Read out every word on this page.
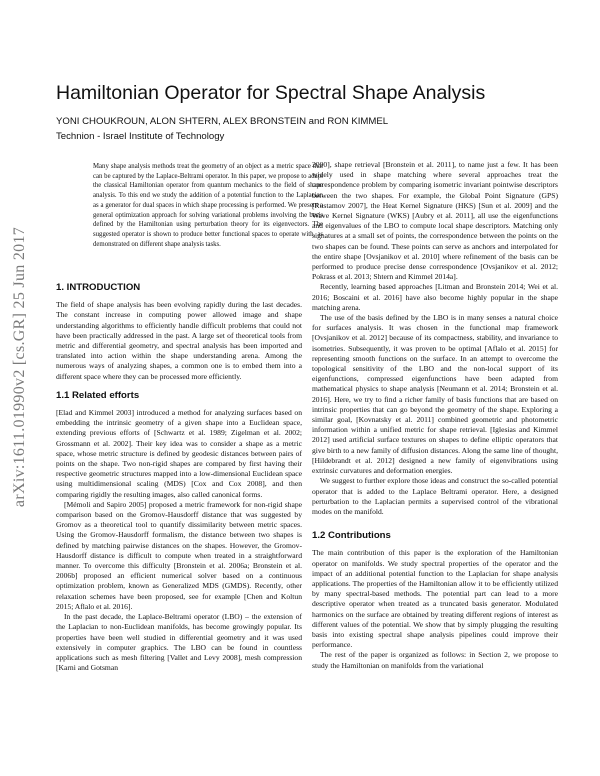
arXiv:1611.01990v2 [cs.GR] 25 Jun 2017
Hamiltonian Operator for Spectral Shape Analysis
YONI CHOUKROUN, ALON SHTERN, ALEX BRONSTEIN and RON KIMMEL
Technion - Israel Institute of Technology

Many shape analysis methods treat the geometry of an object as a metric space that can be captured by the Laplace-Beltrami operator. In this paper, we propose to adapt the classical Hamiltonian operator from quantum mechanics to the field of shape analysis. To this end we study the addition of a potential function to the Laplacian as a generator for dual spaces in which shape processing is performed. We present a general optimization approach for solving variational problems involving the basis defined by the Hamiltonian using perturbation theory for its eigenvectors. The suggested operator is shown to produce better functional spaces to operate with, as demonstrated on different shape analysis tasks.

1. INTRODUCTION

The field of shape analysis has been evolving rapidly during the last decades. The constant increase in computing power allowed image and shape understanding algorithms to efficiently handle difficult problems that could not have been practically addressed in the past. A large set of theoretical tools from metric and differential geometry, and spectral analysis has been imported and translated into action within the shape understanding arena. Among the numerous ways of analyzing shapes, a common one is to embed them into a different space where they can be processed more efficiently.

1.1 Related efforts

[Elad and Kimmel 2003] introduced a method for analyzing surfaces based on embedding the intrinsic geometry of a given shape into a Euclidean space, extending previous efforts of [Schwartz et al. 1989; Zigelman et al. 2002; Grossmann et al. 2002]. Their key idea was to consider a shape as a metric space, whose metric structure is defined by geodesic distances between pairs of points on the shape. Two non-rigid shapes are compared by first having their respective geometric structures mapped into a low-dimensional Euclidean space using multidimensional scaling (MDS) [Cox and Cox 2008], and then comparing rigidly the resulting images, also called canonical forms.

[Mémoli and Sapiro 2005] proposed a metric framework for non-rigid shape comparison based on the Gromov-Hausdorff distance that was suggested by Gromov as a theoretical tool to quantify dissimilarity between metric spaces. Using the Gromov-Hausdorff formalism, the distance between two shapes is defined by matching pairwise distances on the shapes. However, the Gromov-Hausdorff distance is difficult to compute when treated in a straightforward manner. To overcome this difficulty [Bronstein et al. 2006a; Bronstein et al. 2006b] proposed an efficient numerical solver based on a continuous optimization problem, known as Generalized MDS (GMDS). Recently, other relaxation schemes have been proposed, see for example [Chen and Koltun 2015; Aflalo et al. 2016].

In the past decade, the Laplace-Beltrami operator (LBO) – the extension of the Laplacian to non-Euclidean manifolds, has become growingly popular. Its properties have been well studied in differential geometry and it was used extensively in computer graphics. The LBO can be found in countless applications such as mesh filtering [Vallet and Levy 2008], mesh compression [Karni and Gotsman

2000], shape retrieval [Bronstein et al. 2011], to name just a few. It has been widely used in shape matching where several approaches treat the correspondence problem by comparing isometric invariant pointwise descriptors between the two shapes. For example, the Global Point Signature (GPS) [Rustamov 2007], the Heat Kernel Signature (HKS) [Sun et al. 2009] and the Wave Kernel Signature (WKS) [Aubry et al. 2011], all use the eigenfunctions and eigenvalues of the LBO to compute local shape descriptors. Matching only signatures at a small set of points, the correspondence between the points on the two shapes can be found. These points can serve as anchors and interpolated for the entire shape [Ovsjanikov et al. 2010] where refinement of the basis can be performed to produce precise dense correspondence [Ovsjanikov et al. 2012; Pokrass et al. 2013; Shtern and Kimmel 2014a].

Recently, learning based approaches [Litman and Bronstein 2014; Wei et al. 2016; Boscaini et al. 2016] have also become highly popular in the shape matching arena.

The use of the basis defined by the LBO is in many senses a natural choice for surfaces analysis. It was chosen in the functional map framework [Ovsjanikov et al. 2012] because of its compactness, stability, and invariance to isometries. Subsequently, it was proven to be optimal [Aflalo et al. 2015] for representing smooth functions on the surface. In an attempt to overcome the topological sensitivity of the LBO and the non-local support of its eigenfunctions, compressed eigenfunctions have been adapted from mathematical physics to shape analysis [Neumann et al. 2014; Bronstein et al. 2016]. Here, we try to find a richer family of basis functions that are based on intrinsic properties that can go beyond the geometry of the shape. Exploring a similar goal, [Kovnatsky et al. 2011] combined geometric and photometric information within a unified metric for shape retrieval. [Iglesias and Kimmel 2012] used artificial surface textures on shapes to define elliptic operators that give birth to a new family of diffusion distances. Along the same line of thought, [Hildebrandt et al. 2012] designed a new family of eigenvibrations using extrinsic curvatures and deformation energies.

We suggest to further explore those ideas and construct the so-called potential operator that is added to the Laplace Beltrami operator. Here, a designed perturbation to the Laplacian permits a supervised control of the vibrational modes on the manifold.

1.2 Contributions

The main contribution of this paper is the exploration of the Hamiltonian operator on manifolds. We study spectral properties of the operator and the impact of an additional potential function to the Laplacian for shape analysis applications. The properties of the Hamiltonian allow it to be efficiently utilized by many spectral-based methods. The potential part can lead to a more descriptive operator when treated as a truncated basis generator. Modulated harmonics on the surface are obtained by treating different regions of interest as different values of the potential. We show that by simply plugging the resulting basis into existing spectral shape analysis pipelines could improve their performance.

The rest of the paper is organized as follows: in Section 2, we propose to study the Hamiltonian on manifolds from the variational
